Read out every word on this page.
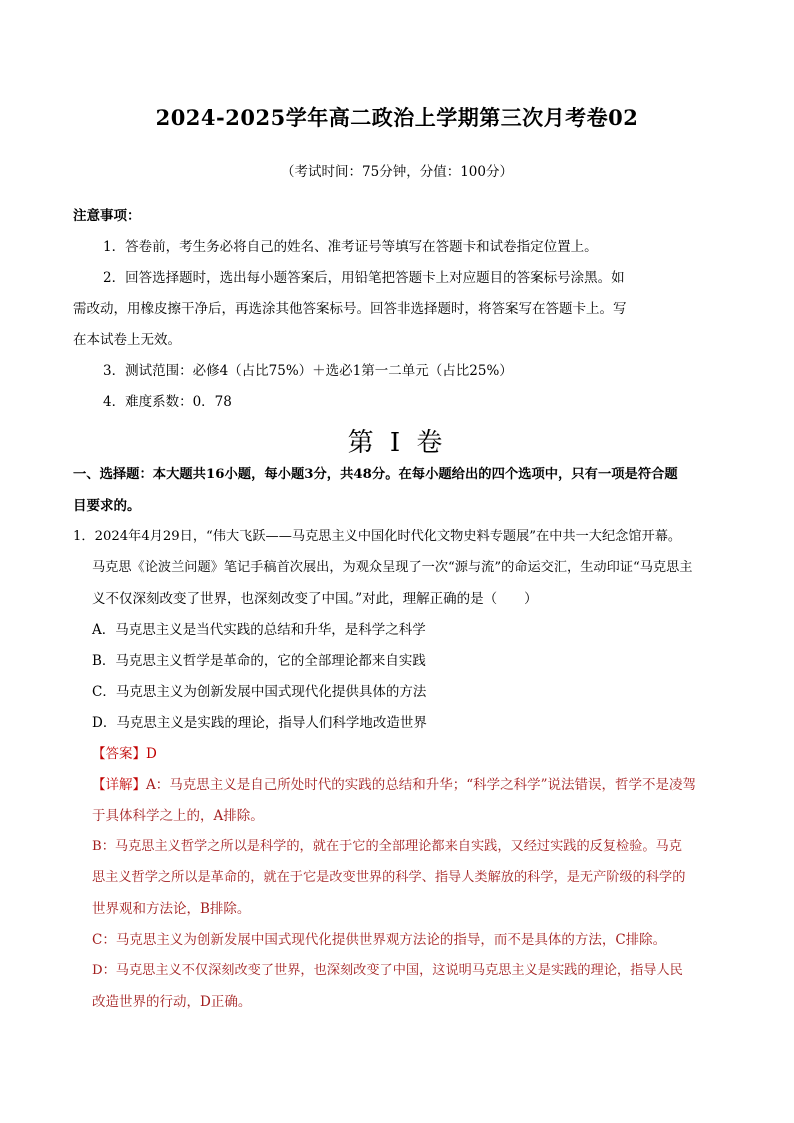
2024-2025学年高二政治上学期第三次月考卷02
（考试时间：75分钟，分值：100分）
注意事项：
1．答卷前，考生务必将自己的姓名、准考证号等填写在答题卡和试卷指定位置上。
2．回答选择题时，选出每小题答案后，用铅笔把答题卡上对应题目的答案标号涂黑。如
需改动，用橡皮擦干净后，再选涂其他答案标号。回答非选择题时，将答案写在答题卡上。写
在本试卷上无效。
3．测试范围：必修4（占比75%）＋选必1第一二单元（占比25%）
4．难度系数：0．78
第 I 卷
一、选择题：本大题共16小题，每小题3分，共48分。在每小题给出的四个选项中，只有一项是符合题
目要求的。
1．2024年4月29日，“伟大飞跃——马克思主义中国化时代化文物史料专题展”在中共一大纪念馆开幕。
马克思《论波兰问题》笔记手稿首次展出，为观众呈现了一次“源与流”的命运交汇，生动印证“马克思主
义不仅深刻改变了世界，也深刻改变了中国。”对此，理解正确的是（　　）
A．马克思主义是当代实践的总结和升华，是科学之科学
B．马克思主义哲学是革命的，它的全部理论都来自实践
C．马克思主义为创新发展中国式现代化提供具体的方法
D．马克思主义是实践的理论，指导人们科学地改造世界
【答案】D
【详解】A：马克思主义是自己所处时代的实践的总结和升华；“科学之科学”说法错误，哲学不是凌驾
于具体科学之上的，A排除。
B：马克思主义哲学之所以是科学的，就在于它的全部理论都来自实践，又经过实践的反复检验。马克
思主义哲学之所以是革命的，就在于它是改变世界的科学、指导人类解放的科学，是无产阶级的科学的
世界观和方法论，B排除。
C：马克思主义为创新发展中国式现代化提供世界观方法论的指导，而不是具体的方法，C排除。
D：马克思主义不仅深刻改变了世界，也深刻改变了中国，这说明马克思主义是实践的理论，指导人民
改造世界的行动，D正确。
